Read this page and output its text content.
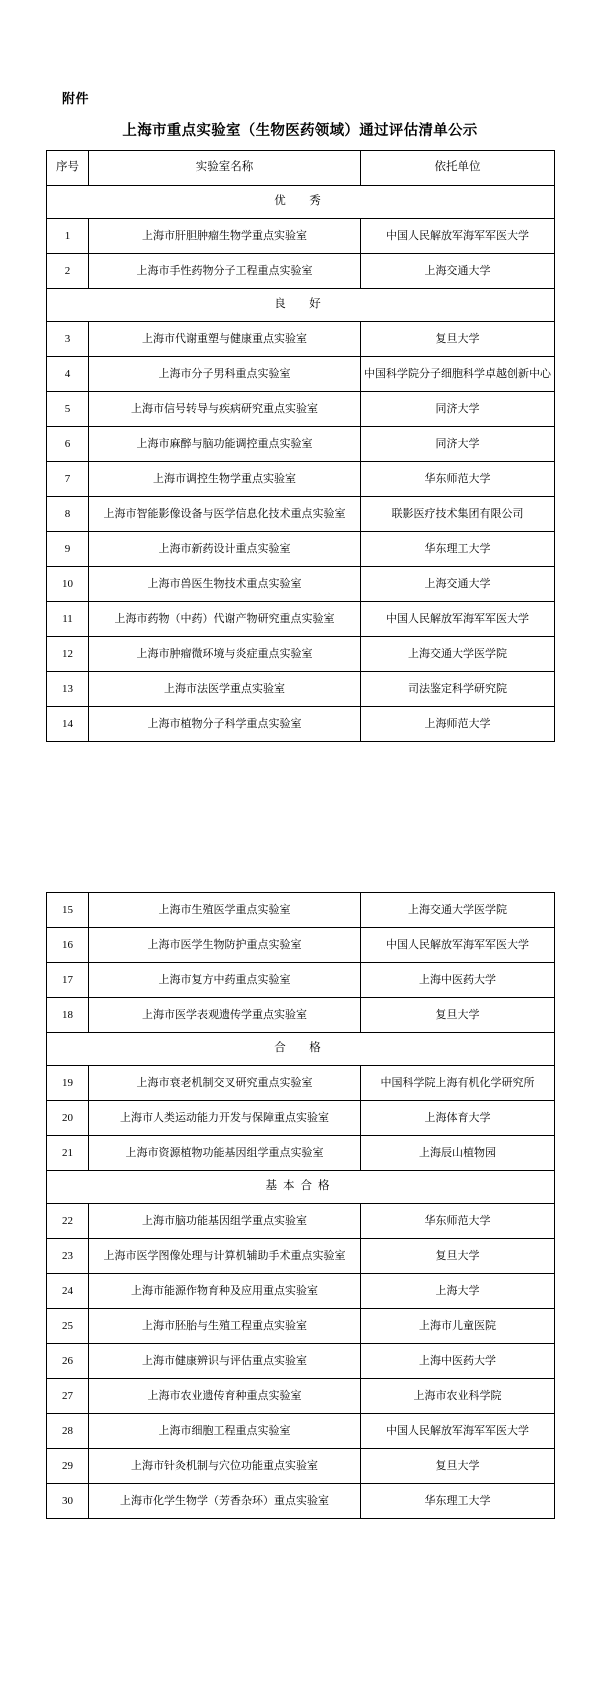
附件
上海市重点实验室（生物医药领域）通过评估清单公示
序号	实验室名称	依托单位
优　秀		
1	上海市肝胆肿瘤生物学重点实验室	中国人民解放军海军军医大学
2	上海市手性药物分子工程重点实验室	上海交通大学
良　好		
3	上海市代谢重塑与健康重点实验室	复旦大学
4	上海市分子男科重点实验室	中国科学院分子细胞科学卓越创新中心
5	上海市信号转导与疾病研究重点实验室	同济大学
6	上海市麻醉与脑功能调控重点实验室	同济大学
7	上海市调控生物学重点实验室	华东师范大学
8	上海市智能影像设备与医学信息化技术重点实验室	联影医疗技术集团有限公司
9	上海市新药设计重点实验室	华东理工大学
10	上海市兽医生物技术重点实验室	上海交通大学
11	上海市药物（中药）代谢产物研究重点实验室	中国人民解放军海军军医大学
12	上海市肿瘤微环境与炎症重点实验室	上海交通大学医学院
13	上海市法医学重点实验室	司法鉴定科学研究院
14	上海市植物分子科学重点实验室	上海师范大学
15	上海市生殖医学重点实验室	上海交通大学医学院
16	上海市医学生物防护重点实验室	中国人民解放军海军军医大学
17	上海市复方中药重点实验室	上海中医药大学
18	上海市医学表观遗传学重点实验室	复旦大学
合　格		
19	上海市衰老机制交叉研究重点实验室	中国科学院上海有机化学研究所
20	上海市人类运动能力开发与保障重点实验室	上海体育大学
21	上海市资源植物功能基因组学重点实验室	上海辰山植物园
基本合格		
22	上海市脑功能基因组学重点实验室	华东师范大学
23	上海市医学图像处理与计算机辅助手术重点实验室	复旦大学
24	上海市能源作物育种及应用重点实验室	上海大学
25	上海市胚胎与生殖工程重点实验室	上海市儿童医院
26	上海市健康辨识与评估重点实验室	上海中医药大学
27	上海市农业遗传育种重点实验室	上海市农业科学院
28	上海市细胞工程重点实验室	中国人民解放军海军军医大学
29	上海市针灸机制与穴位功能重点实验室	复旦大学
30	上海市化学生物学（芳香杂环）重点实验室	华东理工大学
